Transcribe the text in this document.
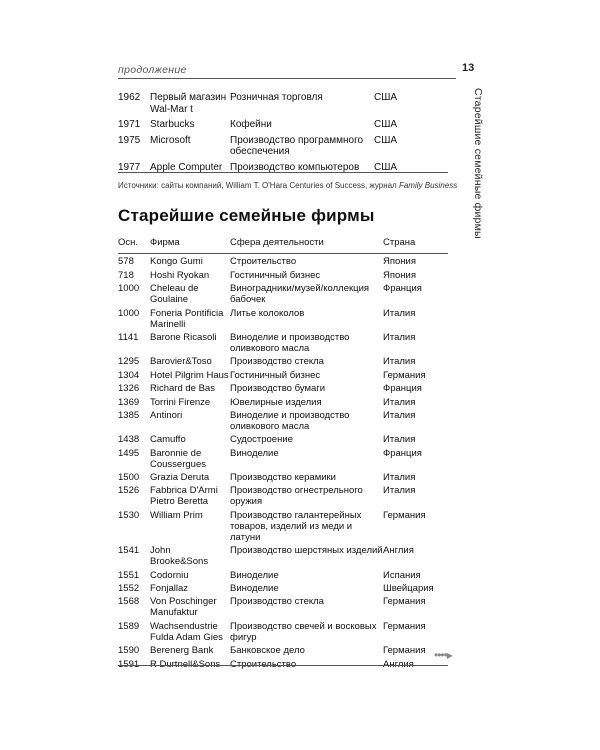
продолжение	13
Старейшие семейные фирмы
1962	Первый магазин Wal-Mar t	Розничная торговля	США
1971	Starbucks	Кофейни	США
1975	Microsoft	Производство программного обеспечения	США
1977	Apple Computer	Производство компьютеров	США
Источники: сайты компаний, William T. O'Hara Centuries of Success, журнал Family Business
Старейшие семейные фирмы
Осн.	Фирма	Сфера деятельности	Страна
578	Kongo Gumi	Строительство	Япония
718	Hoshi Ryokan	Гостиничный бизнес	Япония
1000	Cheleau de Goulaine	Виноградники/музей/коллекция бабочек	Франция
1000	Foneria Pontificia Marinelli	Литье колоколов	Италия
1141	Barone Ricasoli	Виноделие и производство оливкового масла	Италия
1295	Barovier&Toso	Производство стекла	Италия
1304	Hotel Pilgrim Haus	Гостиничный бизнес	Германия
1326	Richard de Bas	Производство бумаги	Франция
1369	Torrini Firenze	Ювелирные изделия	Италия
1385	Antinori	Виноделие и производство оливкового масла	Италия
1438	Camuffo	Судостроение	Италия
1495	Baronnie de Coussergues	Виноделие	Франция
1500	Grazia Deruta	Производство керамики	Италия
1526	Fabbrica D'Armi Pietro Beretta	Производство огнестрельного оружия	Италия
1530	William Prim	Производство галантерейных товаров, изделий из меди и латуни	Германия
1541	John Brooke&Sons	Производство шерстяных изделий	Англия
1551	Codorniu	Виноделие	Испания
1552	Fonjallaz	Виноделие	Швейцария
1568	Von Poschinger Manufaktur	Производство стекла	Германия
1589	Wachsendustrie Fulda Adam Gies	Производство свечей и восковых фигур	Германия
1590	Berenerg Bank	Банковское дело	Германия
1591	R Durtnell&Sons	Строительство	Англия
••••▸
